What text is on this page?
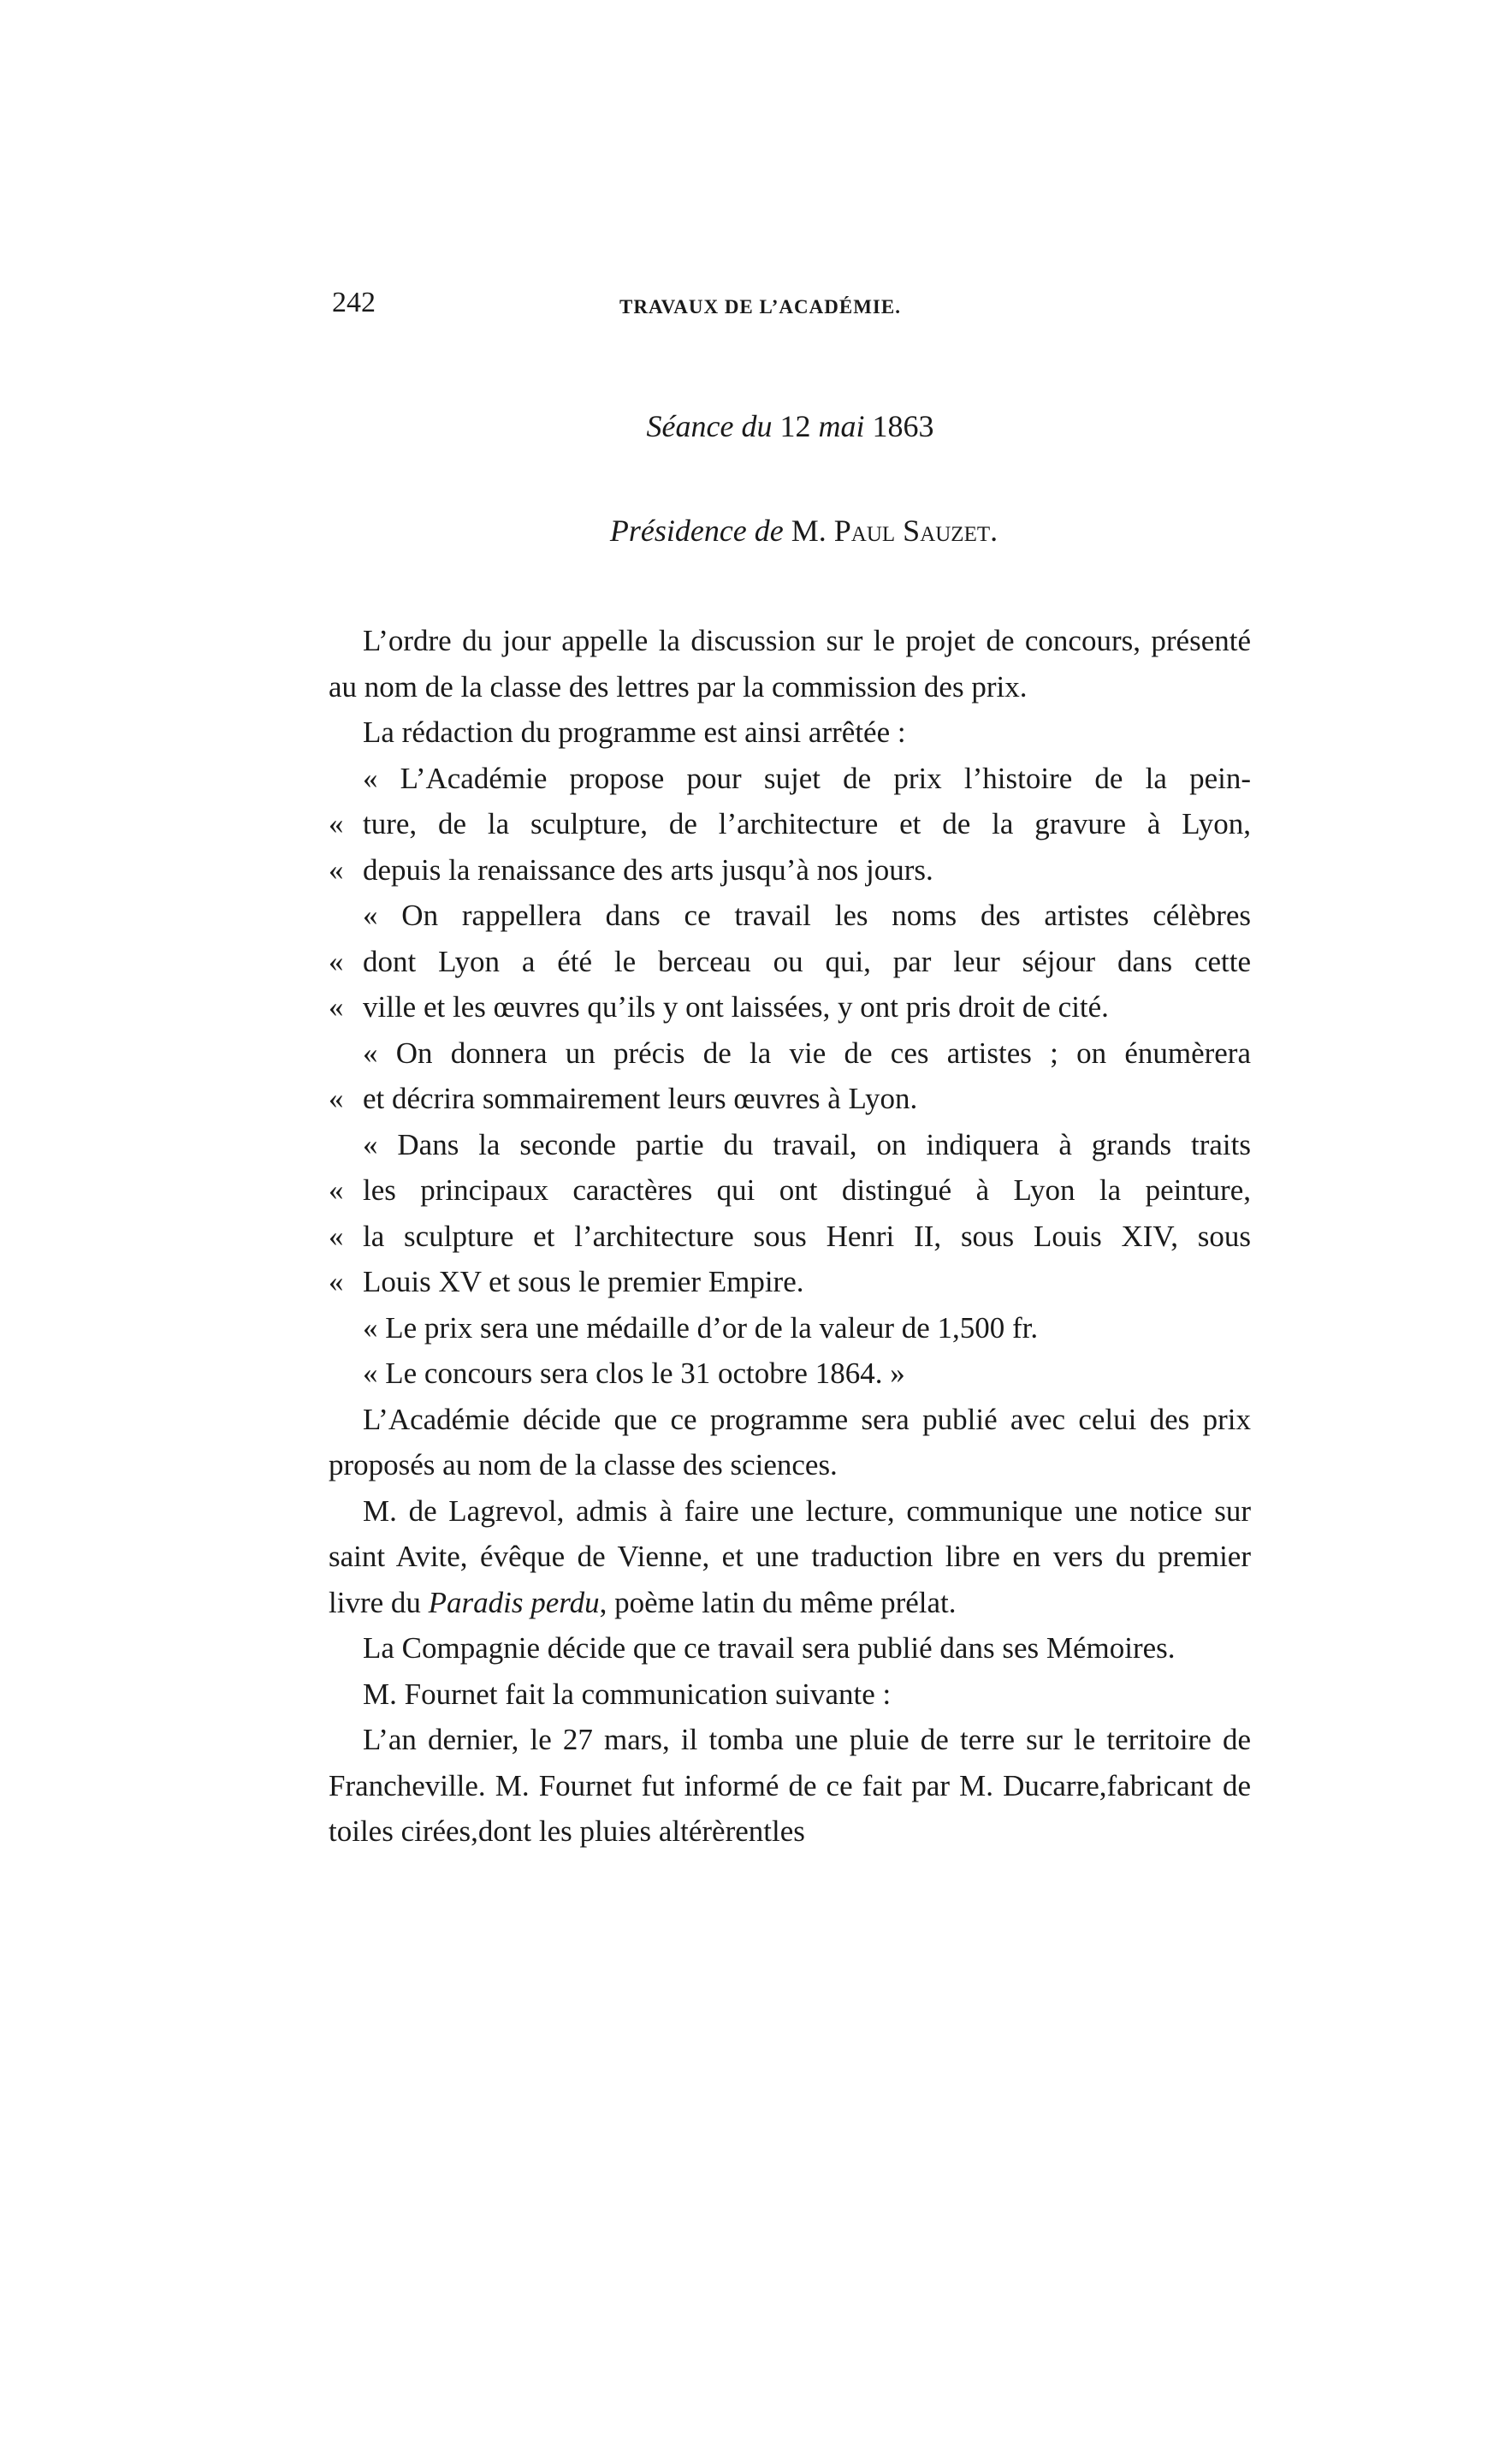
242	TRAVAUX DE L’ACADÉMIE.
Séance du 12 mai 1863
Présidence de M. Paul Sauzet.

L’ordre du jour appelle la discussion sur le projet de concours, présenté au nom de la classe des lettres par la commission des prix.

La rédaction du programme est ainsi arrêtée :

« L’Académie propose pour sujet de prix l’histoire de la pein-

« ture, de la sculpture, de l’architecture et de la gravure à Lyon,

« depuis la renaissance des arts jusqu’à nos jours.

« On rappellera dans ce travail les noms des artistes célèbres

« dont Lyon a été le berceau ou qui, par leur séjour dans cette

« ville et les œuvres qu’ils y ont laissées, y ont pris droit de cité.

« On donnera un précis de la vie de ces artistes ; on énumèrera

« et décrira sommairement leurs œuvres à Lyon.

« Dans la seconde partie du travail, on indiquera à grands traits

« les principaux caractères qui ont distingué à Lyon la peinture,

« la sculpture et l’architecture sous Henri II, sous Louis XIV, sous

« Louis XV et sous le premier Empire.

« Le prix sera une médaille d’or de la valeur de 1,500 fr.

« Le concours sera clos le 31 octobre 1864. »

L’Académie décide que ce programme sera publié avec celui des prix proposés au nom de la classe des sciences.

M. de Lagrevol, admis à faire une lecture, communique une notice sur saint Avite, évêque de Vienne, et une traduction libre en vers du premier livre du Paradis perdu, poème latin du même prélat.

La Compagnie décide que ce travail sera publié dans ses Mémoires.

M. Fournet fait la communication suivante :

L’an dernier, le 27 mars, il tomba une pluie de terre sur le territoire de Francheville. M. Fournet fut informé de ce fait par M. Ducarre,fabricant de toiles cirées,dont les pluies altérèrentles
